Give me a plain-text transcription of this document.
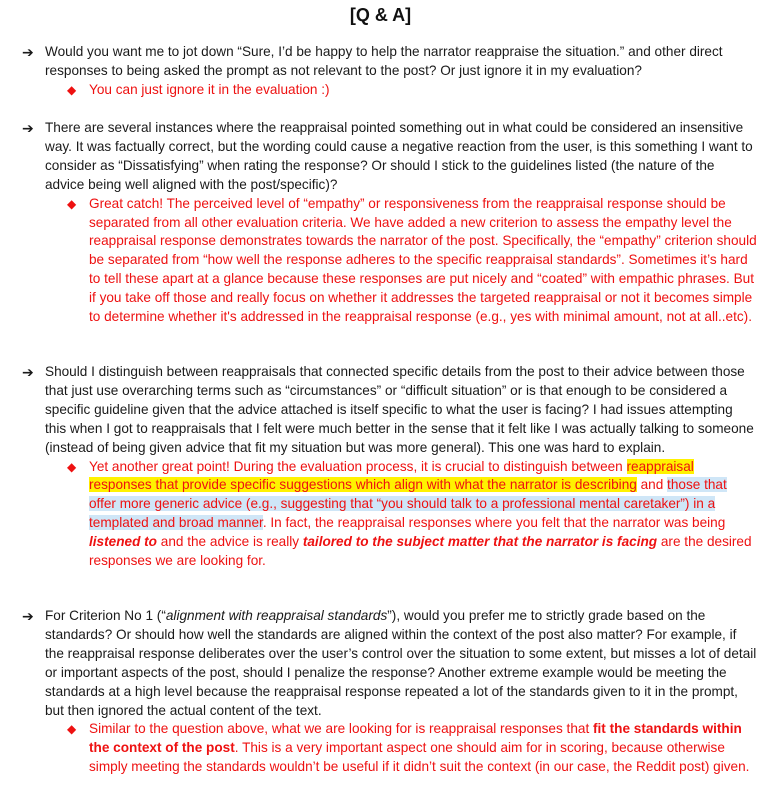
[Q & A]
➔ Would you want me to jot down “Sure, I’d be happy to help the narrator reappraise the situation.” and other direct responses to being asked the prompt as not relevant to the post? Or just ignore it in my evaluation?
◆ You can just ignore it in the evaluation :)
➔ There are several instances where the reappraisal pointed something out in what could be considered an insensitive way. It was factually correct, but the wording could cause a negative reaction from the user, is this something I want to consider as “Dissatisfying” when rating the response? Or should I stick to the guidelines listed (the nature of the advice being well aligned with the post/specific)?
◆ Great catch! The perceived level of “empathy” or responsiveness from the reappraisal response should be separated from all other evaluation criteria. We have added a new criterion to assess the empathy level the reappraisal response demonstrates towards the narrator of the post. Specifically, the “empathy” criterion should be separated from “how well the response adheres to the specific reappraisal standards”. Sometimes it’s hard to tell these apart at a glance because these responses are put nicely and “coated” with empathic phrases. But if you take off those and really focus on whether it addresses the targeted reappraisal or not it becomes simple to determine whether it's addressed in the reappraisal response (e.g., yes with minimal amount, not at all..etc).
➔ Should I distinguish between reappraisals that connected specific details from the post to their advice between those that just use overarching terms such as “circumstances” or “difficult situation” or is that enough to be considered a specific guideline given that the advice attached is itself specific to what the user is facing? I had issues attempting this when I got to reappraisals that I felt were much better in the sense that it felt like I was actually talking to someone (instead of being given advice that fit my situation but was more general). This one was hard to explain.
◆ Yet another great point! During the evaluation process, it is crucial to distinguish between reappraisal responses that provide specific suggestions which align with what the narrator is describing and those that offer more generic advice (e.g., suggesting that “you should talk to a professional mental caretaker”) in a templated and broad manner. In fact, the reappraisal responses where you felt that the narrator was being listened to and the advice is really tailored to the subject matter that the narrator is facing are the desired responses we are looking for.
➔ For Criterion No 1 (“alignment with reappraisal standards”), would you prefer me to strictly grade based on the standards? Or should how well the standards are aligned within the context of the post also matter? For example, if the reappraisal response deliberates over the user’s control over the situation to some extent, but misses a lot of detail or important aspects of the post, should I penalize the response? Another extreme example would be meeting the standards at a high level because the reappraisal response repeated a lot of the standards given to it in the prompt, but then ignored the actual content of the text.
◆ Similar to the question above, what we are looking for is reappraisal responses that fit the standards within the context of the post. This is a very important aspect one should aim for in scoring, because otherwise simply meeting the standards wouldn’t be useful if it didn’t suit the context (in our case, the Reddit post) given.
